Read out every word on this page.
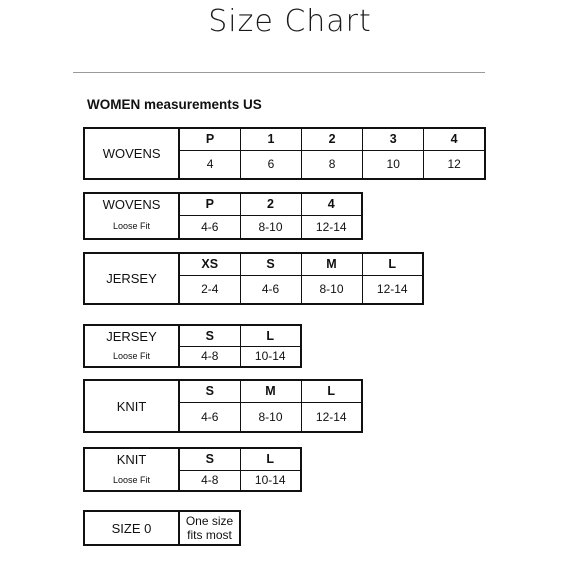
Size Chart
WOMEN measurements US
WOVENS	P	1	2	3	4
	4	6	8	10	12
WOVENS	P	2	4
Loose Fit	4-6	8-10	12-14
JERSEY	XS	S	M	L
	2-4	4-6	8-10	12-14
JERSEY	S	L
Loose Fit	4-8	10-14
KNIT	S	M	L
	4-6	8-10	12-14
KNIT	S	L
Loose Fit	4-8	10-14
SIZE 0	One size
fits most
